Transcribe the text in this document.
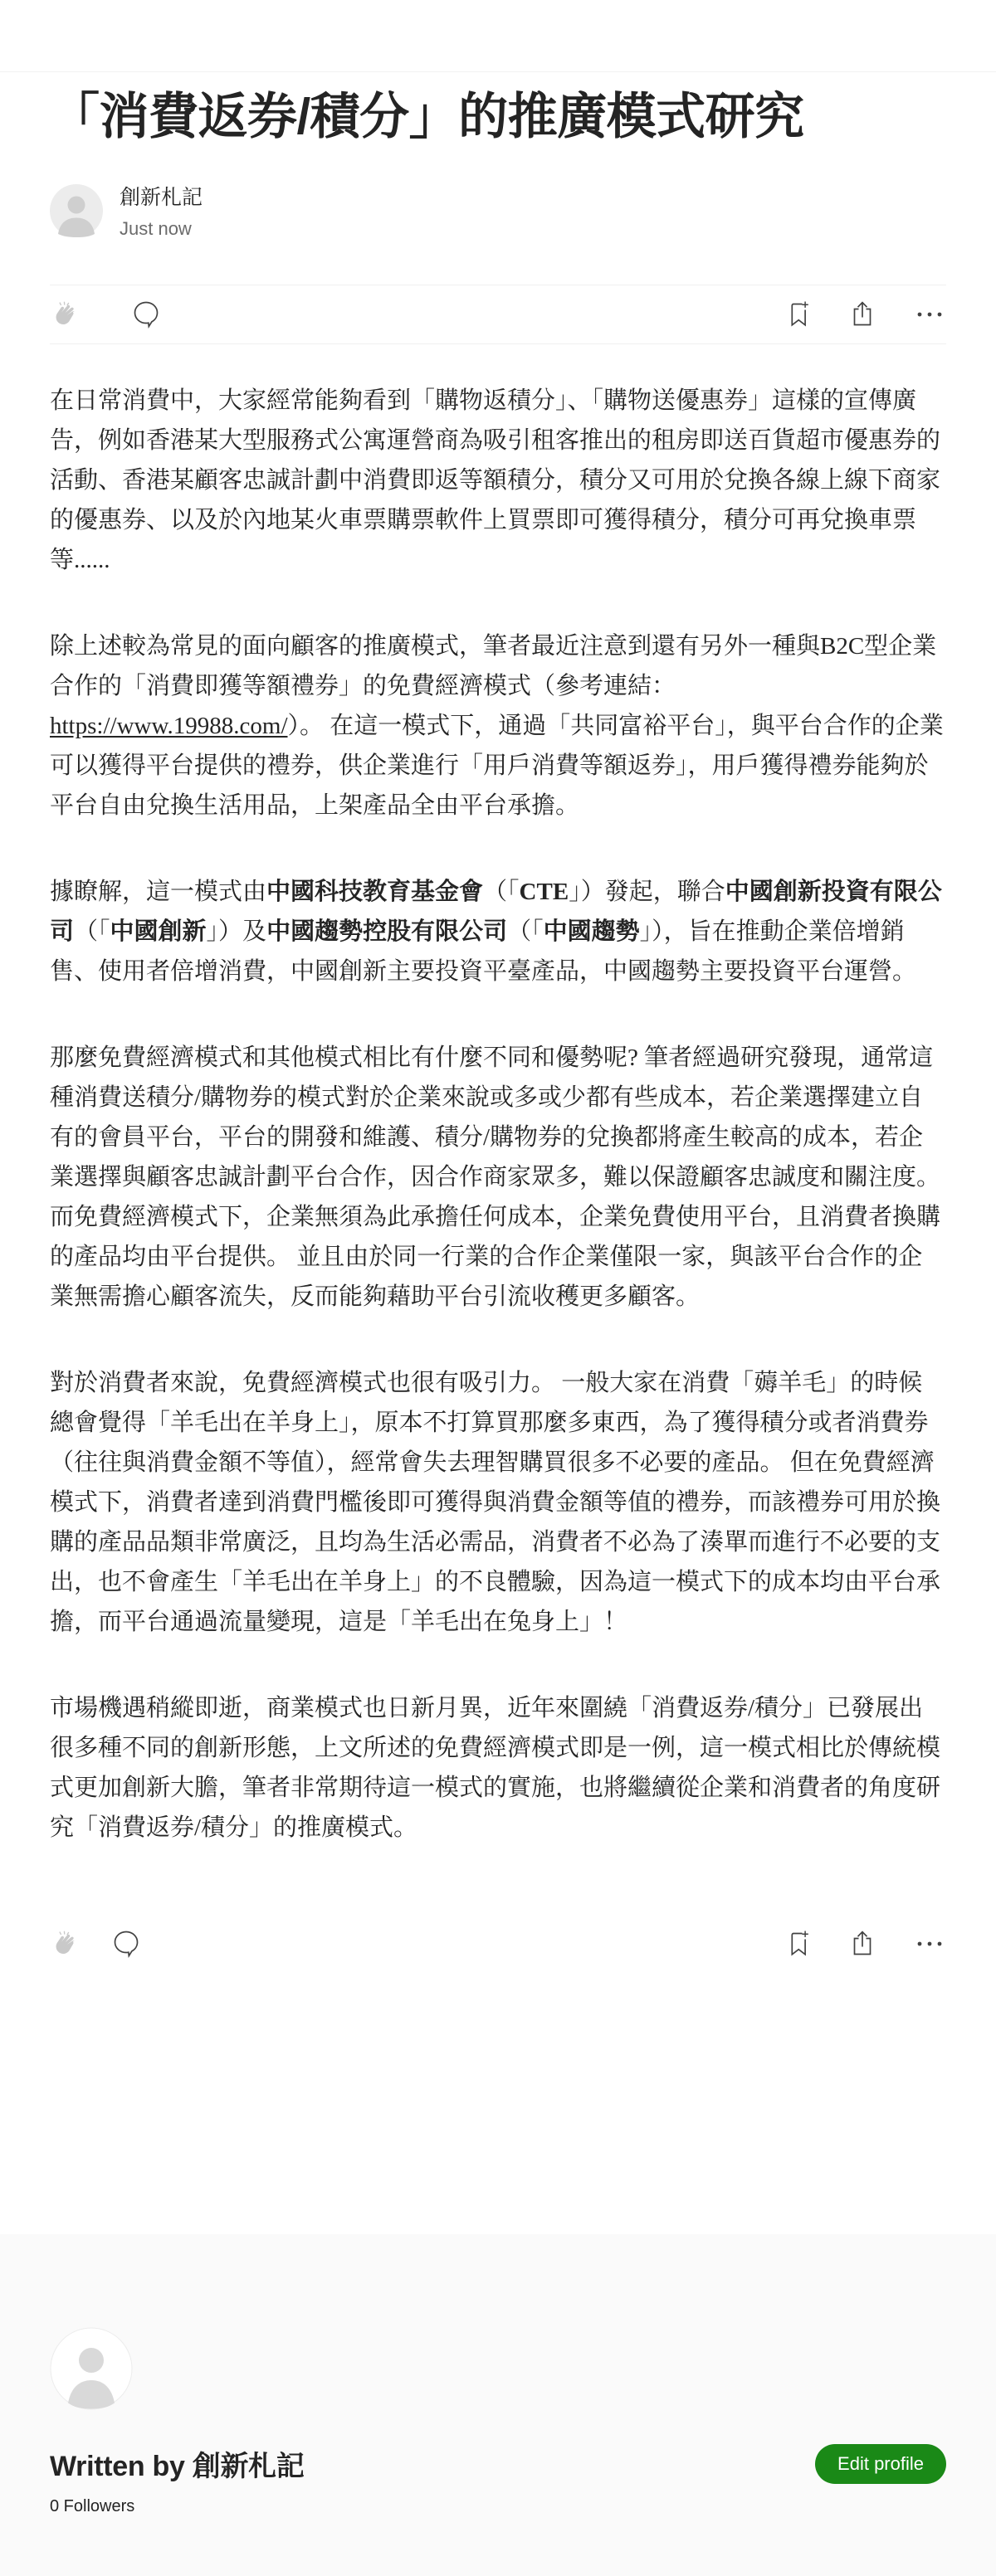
「消費返券/積分」的推廣模式研究
創新札記
Just now

在日常消費中，大家經常能夠看到「購物返積分」、「購物送優惠券」這樣的宣傳廣告，例如香港某大型服務式公寓運營商為吸引租客推出的租房即送百貨超市優惠券的活動、香港某顧客忠誠計劃中消費即返等額積分，積分又可用於兌換各線上線下商家的優惠券、以及於內地某火車票購票軟件上買票即可獲得積分，積分可再兌換車票等......

除上述較為常見的面向顧客的推廣模式，筆者最近注意到還有另外一種與B2C型企業合作的「消費即獲等額禮券」的免費經濟模式（參考連結：https://www.19988.com/）。 在這一模式下，通過「共同富裕平台」，與平台合作的企業可以獲得平台提供的禮券，供企業進行「用戶消費等額返券」，用戶獲得禮券能夠於平台自由兌換生活用品，上架產品全由平台承擔。

據瞭解，這一模式由中國科技教育基金會（「CTE」）發起，聯合中國創新投資有限公司（「中國創新」）及中國趨勢控股有限公司（「中國趨勢」），旨在推動企業倍增銷售、使用者倍增消費，中國創新主要投資平臺產品，中國趨勢主要投資平台運營。

那麼免費經濟模式和其他模式相比有什麼不同和優勢呢? 筆者經過研究發現，通常這種消費送積分/購物券的模式對於企業來說或多或少都有些成本，若企業選擇建立自有的會員平台，平台的開發和維護、積分/購物券的兌換都將產生較高的成本，若企業選擇與顧客忠誠計劃平台合作，因合作商家眾多，難以保證顧客忠誠度和關注度。 而免費經濟模式下，企業無須為此承擔任何成本，企業免費使用平台，且消費者換購的產品均由平台提供。 並且由於同一行業的合作企業僅限一家，與該平台合作的企業無需擔心顧客流失，反而能夠藉助平台引流收穫更多顧客。

對於消費者來說，免費經濟模式也很有吸引力。 一般大家在消費「薅羊毛」的時候總會覺得「羊毛出在羊身上」，原本不打算買那麼多東西，為了獲得積分或者消費券（往往與消費金額不等值），經常會失去理智購買很多不必要的產品。 但在免費經濟模式下，消費者達到消費門檻後即可獲得與消費金額等值的禮券，而該禮券可用於換購的產品品類非常廣泛，且均為生活必需品，消費者不必為了湊單而進行不必要的支出，也不會產生「羊毛出在羊身上」的不良體驗，因為這一模式下的成本均由平台承擔，而平台通過流量變現，這是「羊毛出在兔身上」！

市場機遇稍縱即逝，商業模式也日新月異，近年來圍繞「消費返券/積分」已發展出很多種不同的創新形態，上文所述的免費經濟模式即是一例，這一模式相比於傳統模式更加創新大膽，筆者非常期待這一模式的實施，也將繼續從企業和消費者的角度研究「消費返券/積分」的推廣模式。

Written by 創新札記	Edit profile
0 Followers
